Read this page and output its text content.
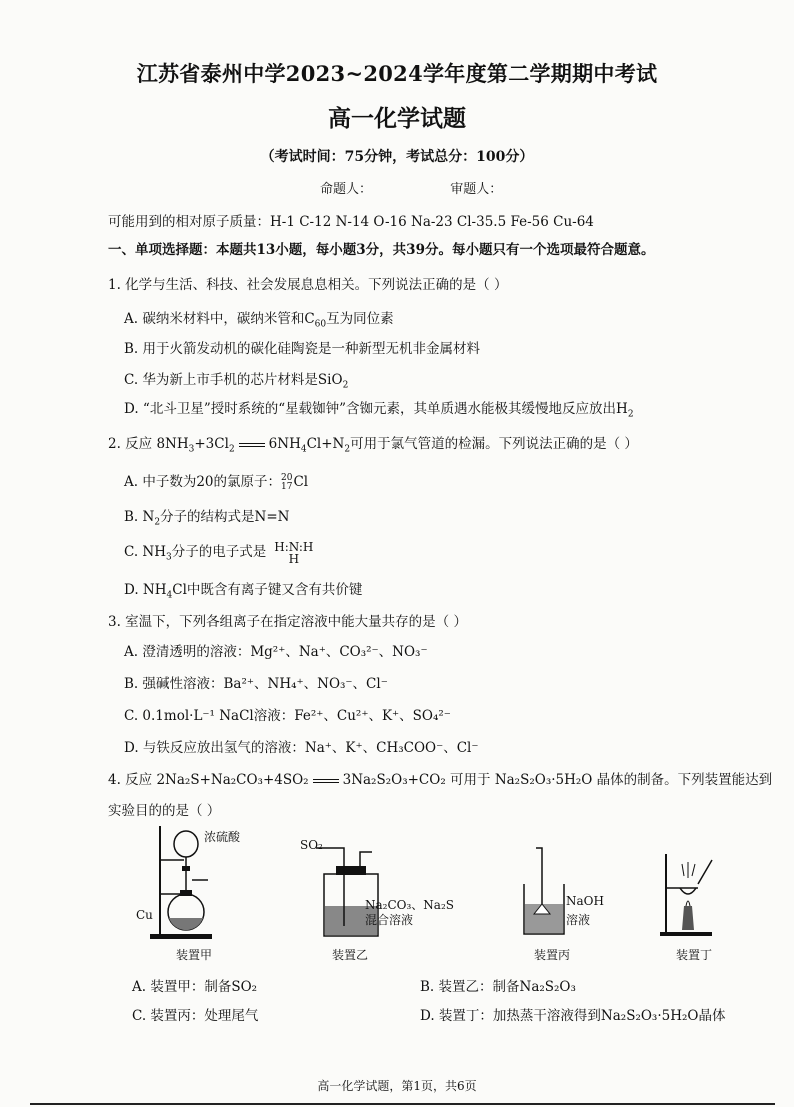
江苏省泰州中学2023~2024学年度第二学期期中考试
高一化学试题
（考试时间：75分钟，考试总分：100分）
命题人：	审题人：
可能用到的相对原子质量：H-1 C-12 N-14 O-16 Na-23 Cl-35.5 Fe-56 Cu-64
一、单项选择题：本题共13小题，每小题3分，共39分。每小题只有一个选项最符合题意。
1. 化学与生活、科技、社会发展息息相关。下列说法正确的是（ ）
A. 碳纳米材料中，碳纳米管和$C_{60}$互为同位素
B. 用于火箭发动机的碳化硅陶瓷是一种新型无机非金属材料
C. 华为新上市手机的芯片材料是SiO$_2$
D. “北斗卫星”授时系统的“星载铷钟”含铷元素，其单质遇水能极其缓慢地反应放出$H_2$
2. 反应 $8NH_3+3Cl_2$	$6NH_4Cl+N_2$可用于氯气管道的检漏。下列说法正确的是（ ）
A. 中子数为20的氯原子：20
17Cl
B. $N_2$分子的结构式是N=N
C. $NH_3$分子的电子式是 H:N:H
H
D. $NH_4Cl$中既含有离子键又含有共价键
3. 室温下，下列各组离子在指定溶液中能大量共存的是（ ）
A. 澄清透明的溶液：Mg²⁺、Na⁺、CO₃²⁻、NO₃⁻
B. 强碱性溶液：Ba²⁺、NH₄⁺、NO₃⁻、Cl⁻
C. 0.1mol·L⁻¹ NaCl溶液：Fe²⁺、Cu²⁺、K⁺、SO₄²⁻
D. 与铁反应放出氢气的溶液：Na⁺、K⁺、CH₃COO⁻、Cl⁻
4. 反应 2Na₂S+Na₂CO₃+4SO₂	3Na₂S₂O₃+CO₂ 可用于 Na₂S₂O₃·5H₂O 晶体的制备。下列装置能达到
实验目的的是（ ）
浓硫酸
Cu
SO₂
Na₂CO₃、Na₂S
混合溶液
NaOH
溶液
装置甲	装置乙	装置丙	装置丁
A. 装置甲：制备SO₂	B. 装置乙：制备Na₂S₂O₃
C. 装置丙：处理尾气	D. 装置丁：加热蒸干溶液得到Na₂S₂O₃·5H₂O晶体
高一化学试题，第1页，共6页
